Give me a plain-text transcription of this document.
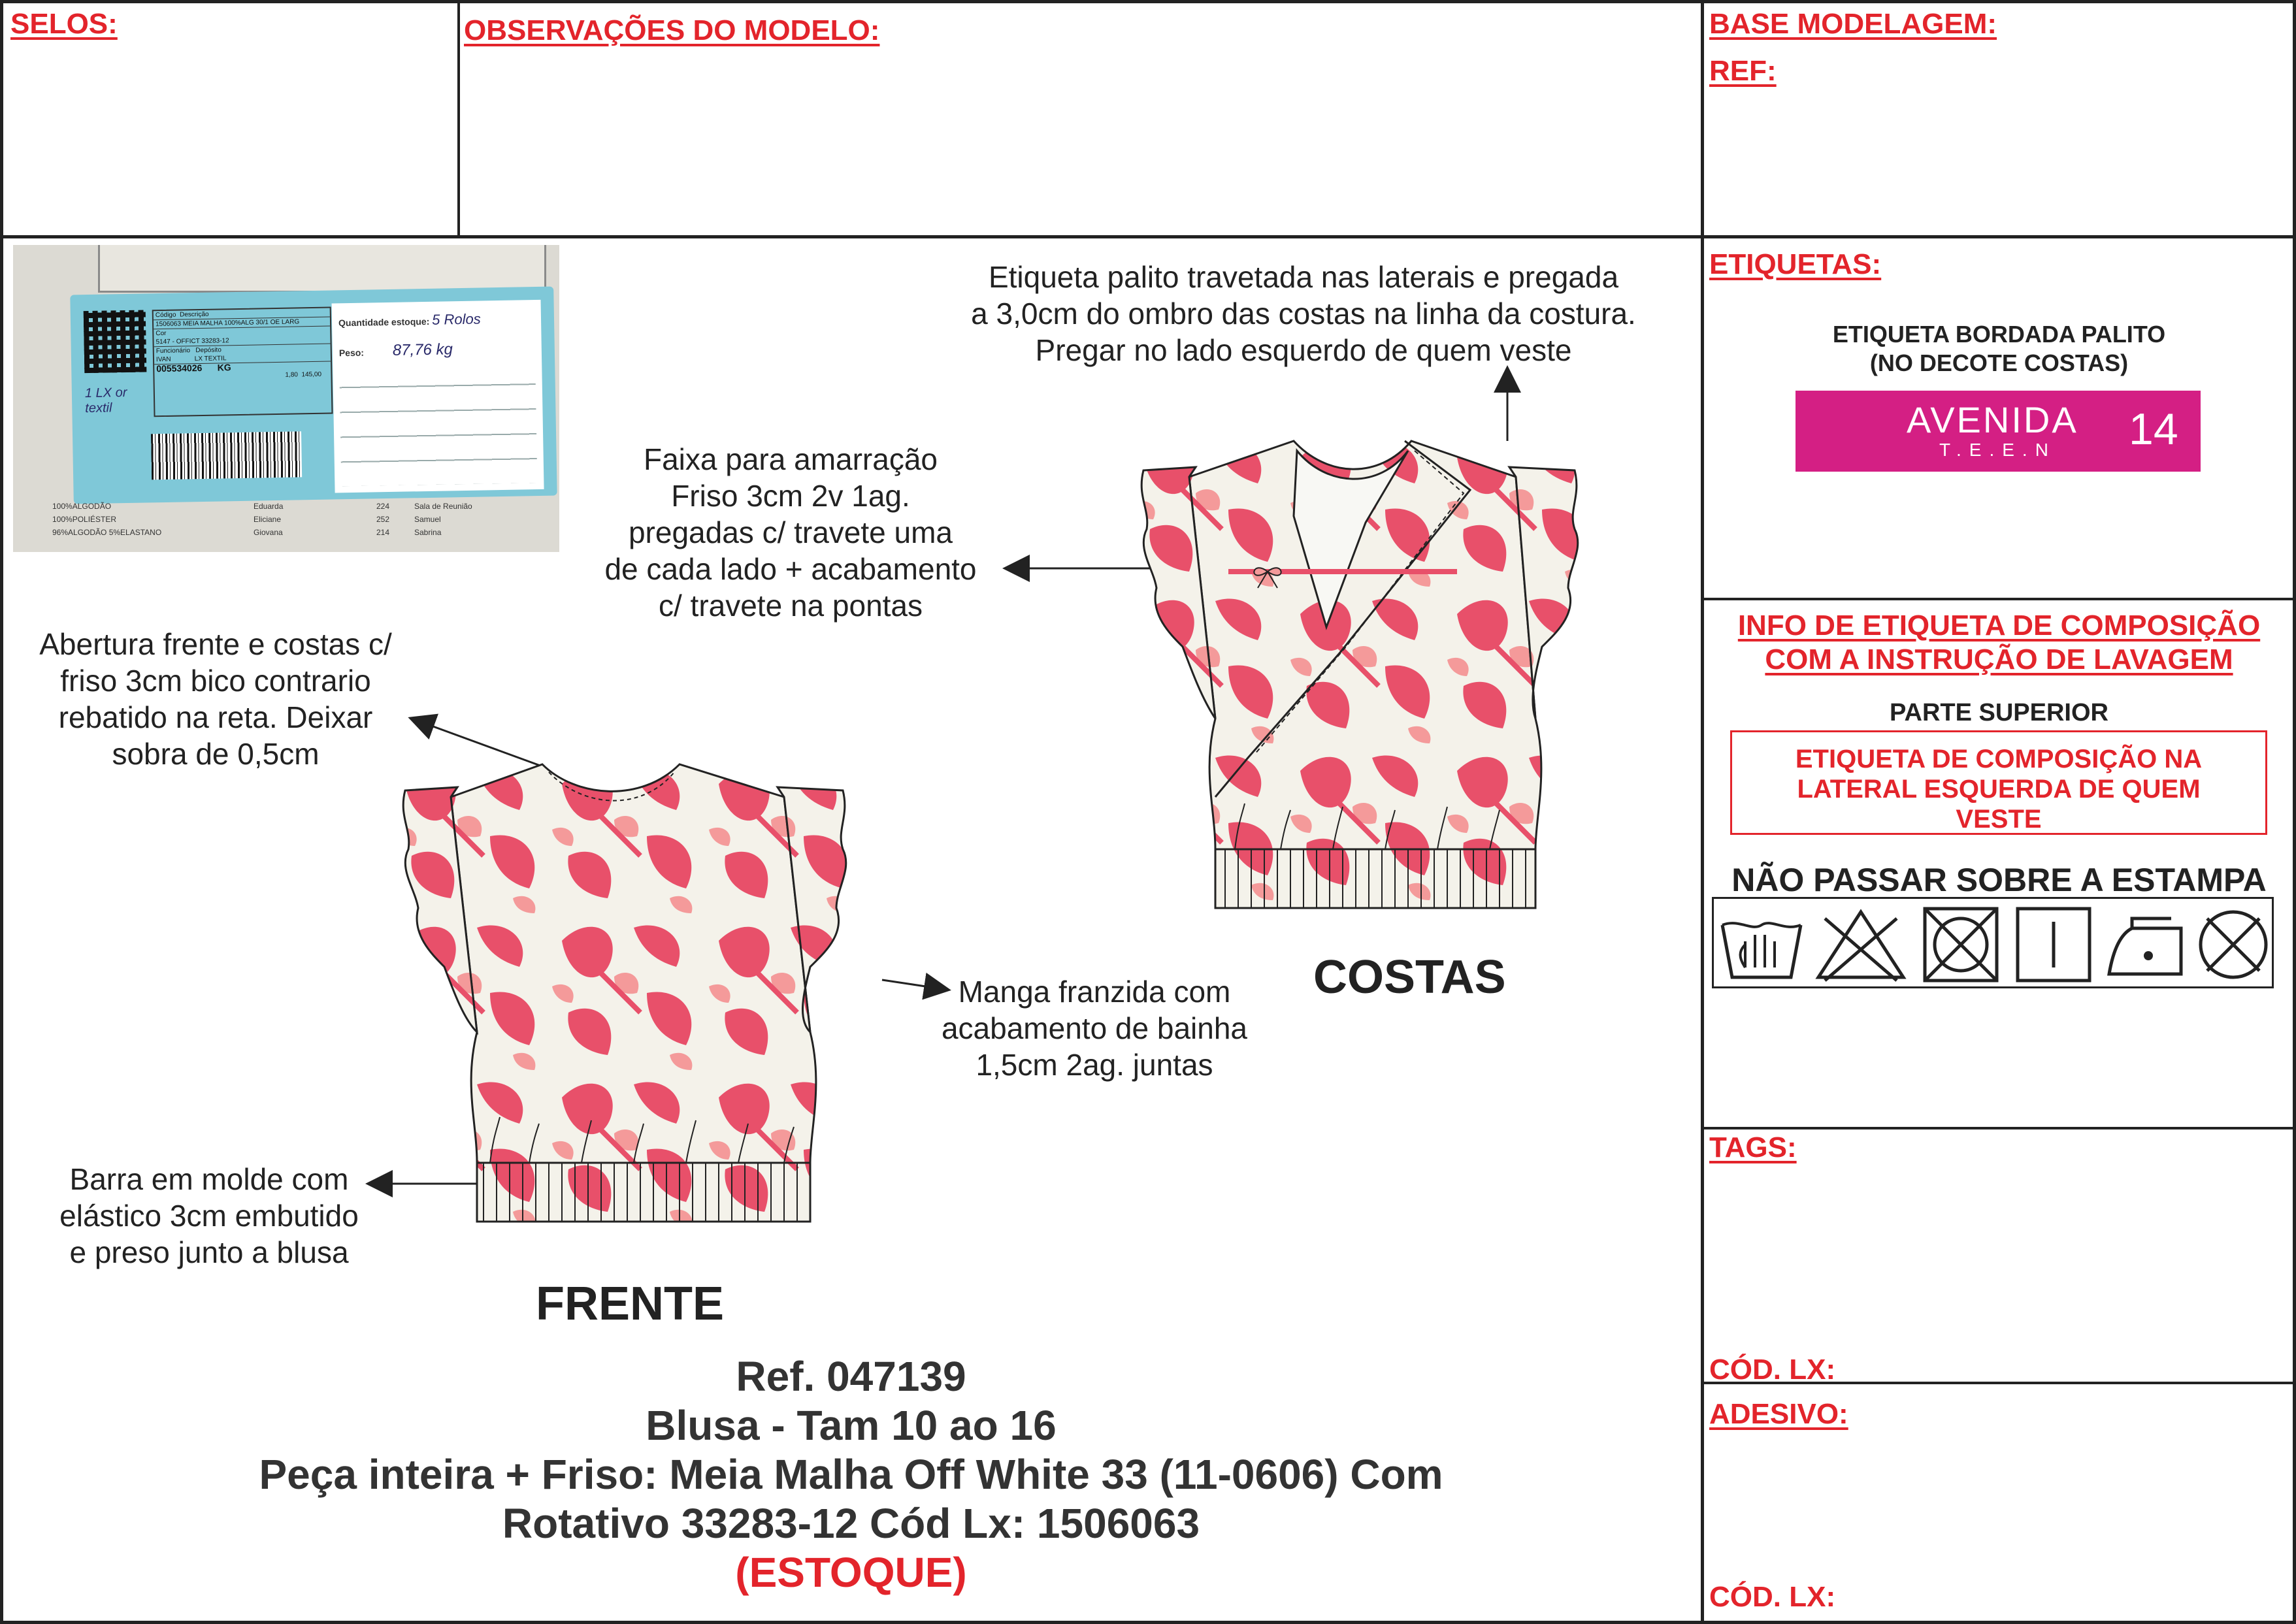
SELOS:	OBSERVAÇÕES DO MODELO:	BASE MODELAGEM:
REF:
ETIQUETAS:
TAGS:
CÓD. LX:
ADESIVO:
CÓD. LX:
Código Descrição
1506063 MEIA MALHA 100%ALG 30/1 OE LARG
Cor
5147 - OFFICT 33283-12
Funcionário Depósito
IVAN	LX TEXTIL
005534026 KG
1,80 145,00
1 LX or textil
Quantidade estoque: 5 Rolos
Peso: 87,76 kg
100%ALGODÃO	Eduarda	224	Sala de Reunião
100%POLIÉSTER	Eliciane	252	Samuel
96%ALGODÃO 5%ELASTANO	Giovana	214	Sabrina
Etiqueta palito travetada nas laterais e pregada
a 3,0cm do ombro das costas na linha da costura.
Pregar no lado esquerdo de quem veste
Faixa para amarração
Friso 3cm 2v 1ag.
pregadas c/ travete uma
de cada lado + acabamento
c/ travete na pontas
Abertura frente e costas c/
friso 3cm bico contrario
rebatido na reta. Deixar
sobra de 0,5cm
Manga franzida com
acabamento de bainha
1,5cm 2ag. juntas
Barra em molde com
elástico 3cm embutido
e preso junto a blusa
FRENTE
COSTAS
Ref. 047139
Blusa - Tam 10 ao 16
Peça inteira + Friso: Meia Malha Off White 33 (11-0606) Com
Rotativo 33283-12 Cód Lx: 1506063
(ESTOQUE)
ETIQUETA BORDADA PALITO
(NO DECOTE COSTAS)
AVENIDA
T.E.E.N 14
INFO DE ETIQUETA DE COMPOSIÇÃO
COM A INSTRUÇÃO DE LAVAGEM
PARTE SUPERIOR
ETIQUETA DE COMPOSIÇÃO NA
LATERAL ESQUERDA DE QUEM
VESTE
NÃO PASSAR SOBRE A ESTAMPA
